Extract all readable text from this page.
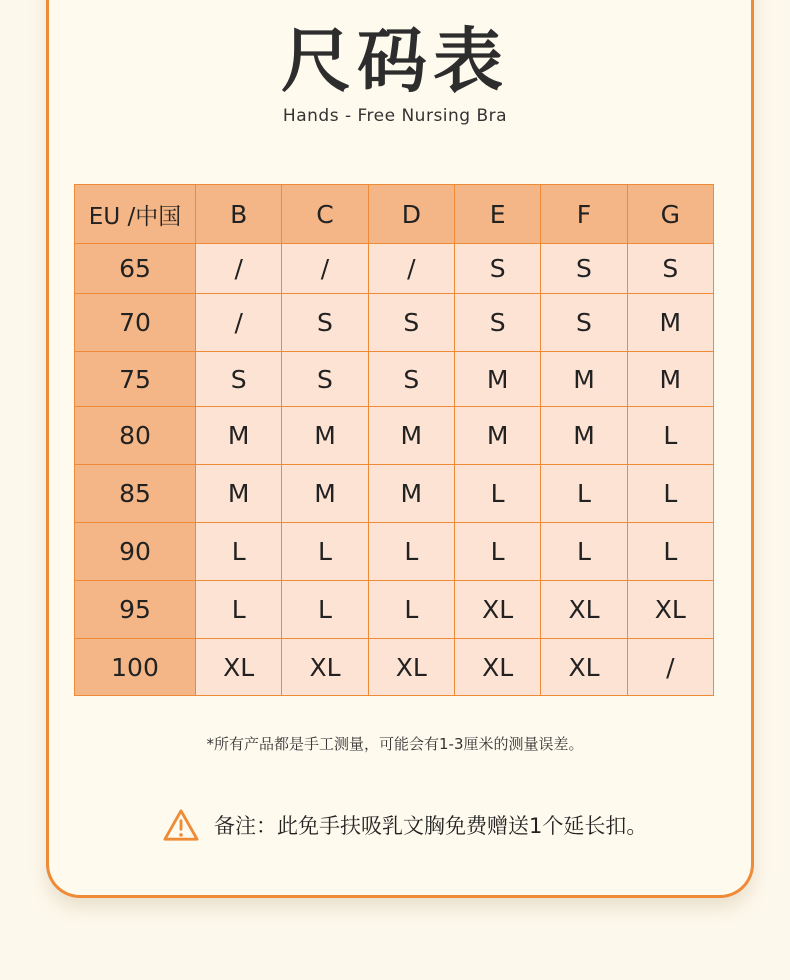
尺码表
Hands - Free Nursing Bra
EU /中国	B	C	D	E	F	G
65	/	/	/	S	S	S
70	/	S	S	S	S	M
75	S	S	S	M	M	M
80	M	M	M	M	M	L
85	M	M	M	L	L	L
90	L	L	L	L	L	L
95	L	L	L	XL	XL	XL
100	XL	XL	XL	XL	XL	/
*所有产品都是手工测量，可能会有1-3厘米的测量误差。
备注：此免手扶吸乳文胸免费赠送1个延长扣。
